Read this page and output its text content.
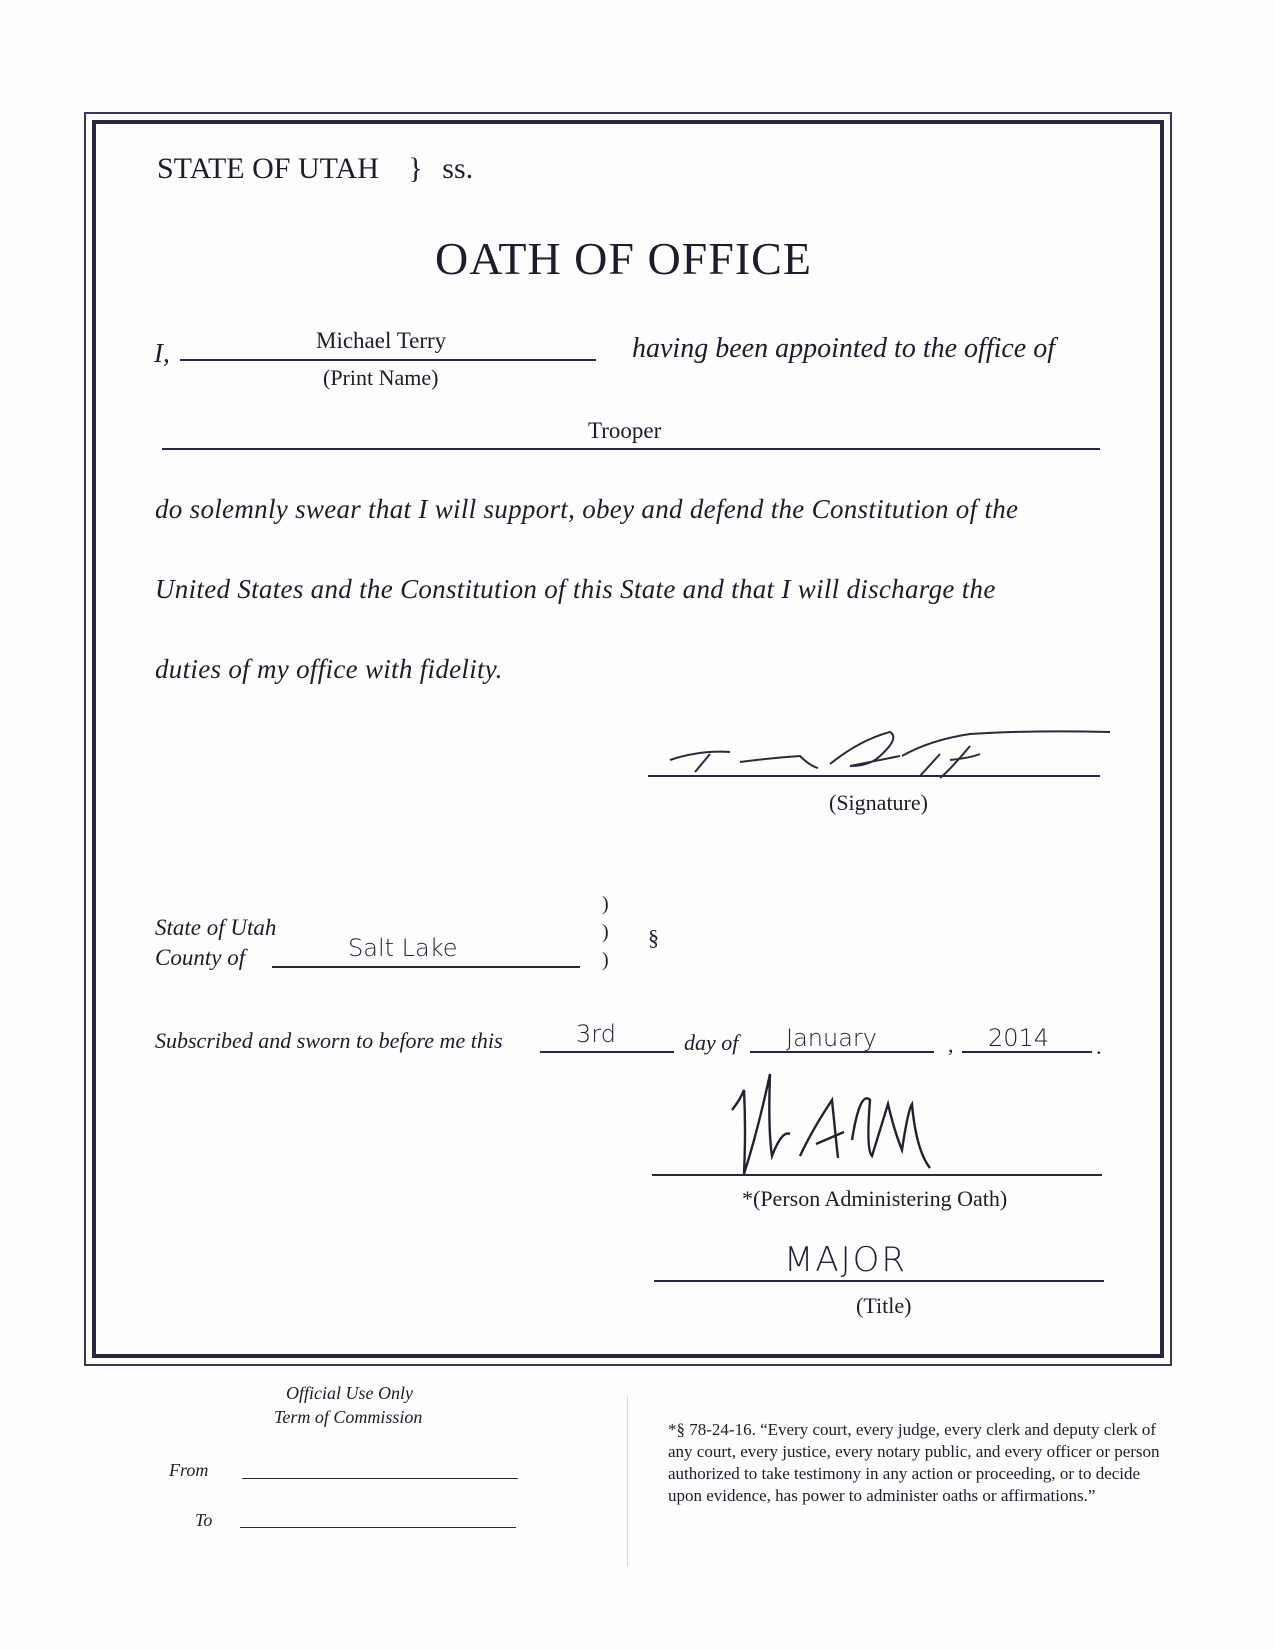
STATE OF UTAH } ss.
OATH OF OFFICE
I,	Michael Terry
(Print Name)
having been appointed to the office of
Trooper
do solemnly swear that I will support, obey and defend the Constitution of the
United States and the Constitution of this State and that I will discharge the
duties of my office with fidelity.
(Signature)
State of Utah
County of	Salt Lake
)
)
)
§
Subscribed and sworn to before me this	3rd	day of January	, 2014 .
*(Person Administering Oath)
MAJOR
(Title)
Official Use Only
Term of Commission
From
To
*§ 78-24-16. “Every court, every judge, every clerk and deputy clerk of any court, every justice, every notary public, and every officer or person authorized to take testimony in any action or proceeding, or to decide upon evidence, has power to administer oaths or affirmations.”
